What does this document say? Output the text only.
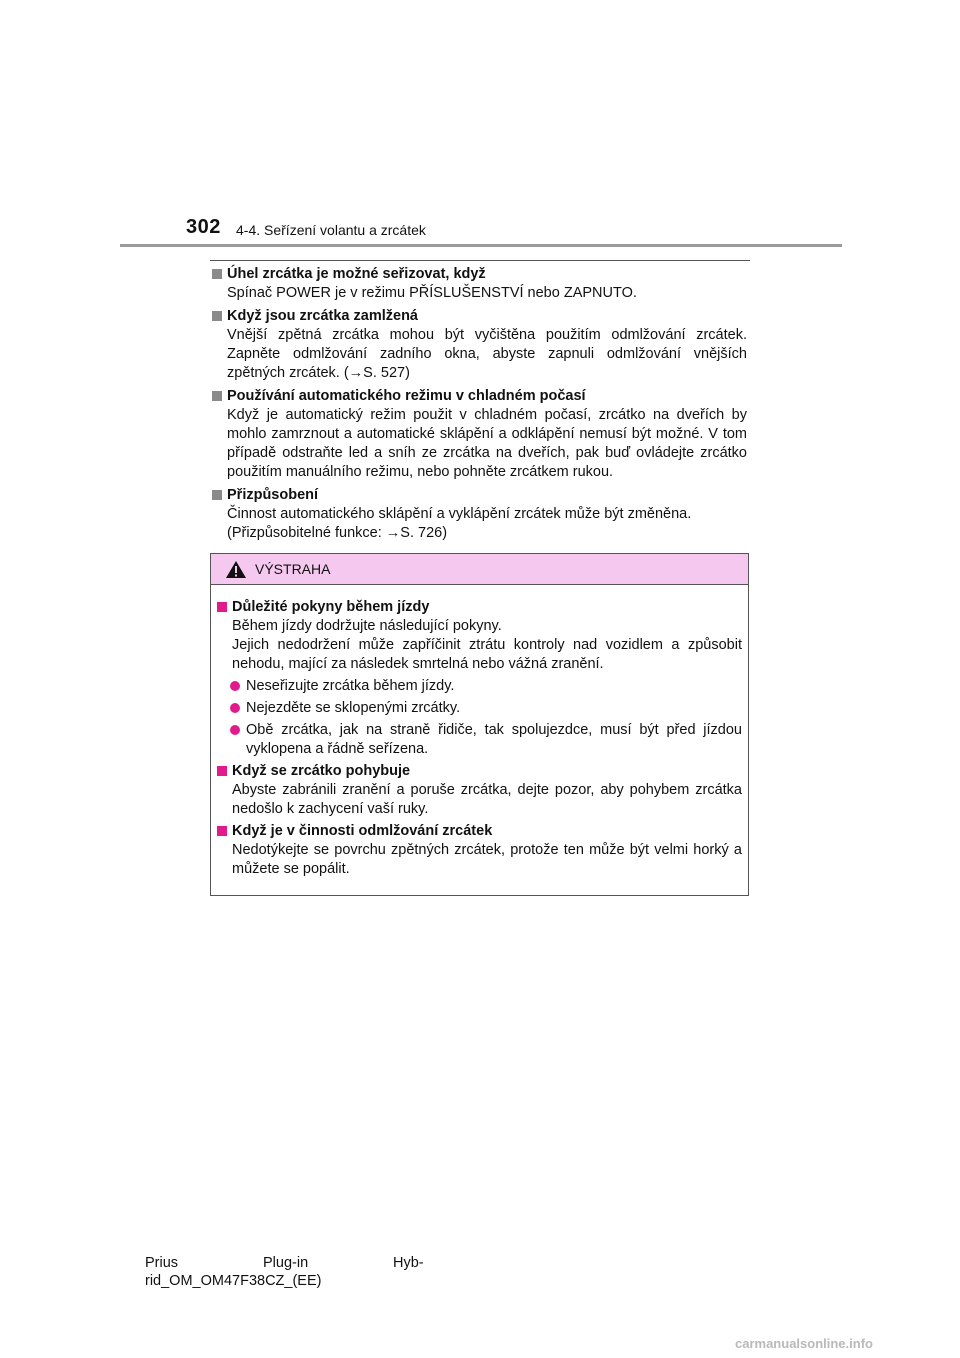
302 4-4. Seřízení volantu a zrcátek
Úhel zrcátka je možné seřizovat, když
Spínač POWER je v režimu PŘÍSLUŠENSTVÍ nebo ZAPNUTO.
Když jsou zrcátka zamlžená
Vnější zpětná zrcátka mohou být vyčištěna použitím odmlžování zrcátek. Zapněte odmlžování zadního okna, abyste zapnuli odmlžování vnějších zpětných zrcátek. (→S. 527)
Používání automatického režimu v chladném počasí
Když je automatický režim použit v chladném počasí, zrcátko na dveřích by mohlo zamrznout a automatické sklápění a odklápění nemusí být možné. V tom případě odstraňte led a sníh ze zrcátka na dveřích, pak buď ovládejte zrcátko použitím manuálního režimu, nebo pohněte zrcátkem rukou.
Přizpůsobení
Činnost automatického sklápění a vyklápění zrcátek může být změněna.
(Přizpůsobitelné funkce: →S. 726)
VÝSTRAHA
Důležité pokyny během jízdy
Během jízdy dodržujte následující pokyny.
Jejich nedodržení může zapříčinit ztrátu kontroly nad vozidlem a způsobit nehodu, mající za následek smrtelná nebo vážná zranění.
Neseřizujte zrcátka během jízdy.
Nejezděte se sklopenými zrcátky.
Obě zrcátka, jak na straně řidiče, tak spolujezdce, musí být před jízdou vyklopena a řádně seřízena.
Když se zrcátko pohybuje
Abyste zabránili zranění a poruše zrcátka, dejte pozor, aby pohybem zrcátka nedošlo k zachycení vaší ruky.
Když je v činnosti odmlžování zrcátek
Nedotýkejte se povrchu zpětných zrcátek, protože ten může být velmi horký a můžete se popálit.
Prius	Plug-in	Hyb-
rid_OM_OM47F38CZ_(EE)
carmanualsonline.info
